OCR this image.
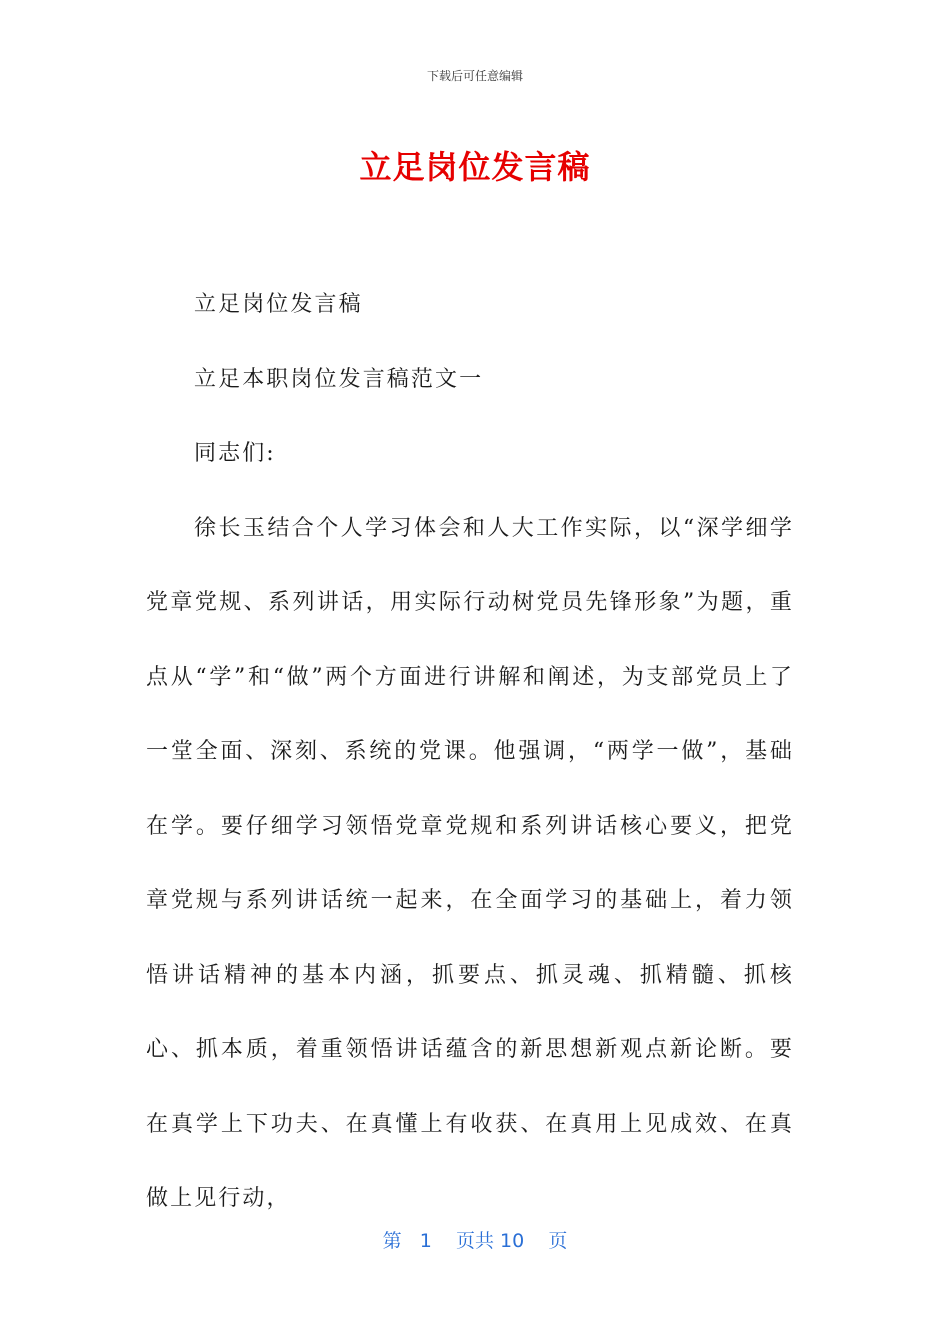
下载后可任意编辑
立足岗位发言稿

立足岗位发言稿

立足本职岗位发言稿范文一

同志们:

徐长玉结合个人学习体会和人大工作实际，以“深学细学党章党规、系列讲话，用实际行动树党员先锋形象”为题，重点从“学”和“做”两个方面进行讲解和阐述，为支部党员上了一堂全面、深刻、系统的党课。他强调，“两学一做”，基础在学。要仔细学习领悟党章党规和系列讲话核心要义，把党章党规与系列讲话统一起来，在全面学习的基础上，着力领悟讲话精神的基本内涵，抓要点、抓灵魂、抓精髓、抓核心、抓本质，着重领悟讲话蕴含的新思想新观点新论断。要在真学上下功夫、在真懂上有收获、在真用上见成效、在真做上见行动，

第 1 页共 10 页
